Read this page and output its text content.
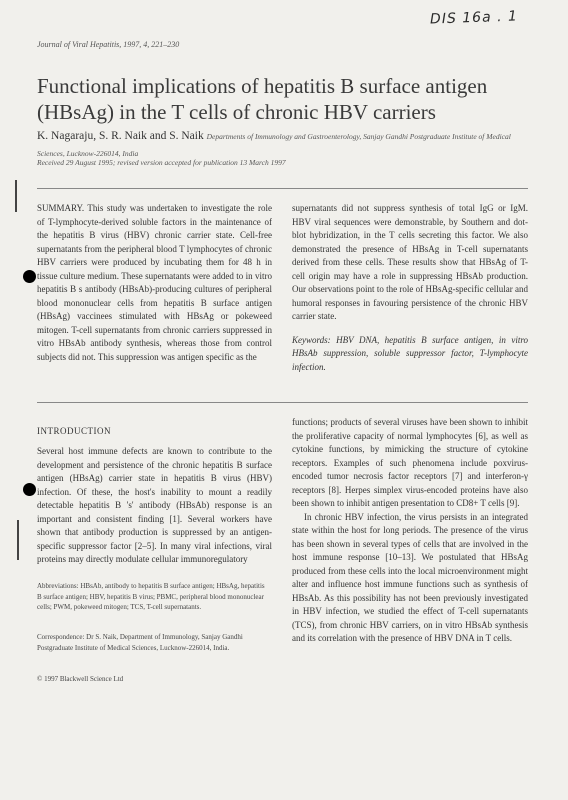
DIS 16a . 1
Journal of Viral Hepatitis, 1997, 4, 221–230
Functional implications of hepatitis B surface antigen (HBsAg) in the T cells of chronic HBV carriers
K. Nagaraju, S. R. Naik and S. Naik Departments of Immunology and Gastroenterology, Sanjay Gandhi Postgraduate Institute of Medical Sciences, Lucknow-226014, India
Received 29 August 1995; revised version accepted for publication 13 March 1997

SUMMARY. This study was undertaken to investigate the role of T-lymphocyte-derived soluble factors in the maintenance of the hepatitis B virus (HBV) chronic carrier state. Cell-free supernatants from the peripheral blood T lymphocytes of chronic HBV carriers were produced by incubating them for 48 h in tissue culture medium. These supernatants were added to in vitro hepatitis B s antibody (HBsAb)-producing cultures of peripheral blood mononuclear cells from hepatitis B surface antigen (HBsAg) vaccinees stimulated with HBsAg or pokeweed mitogen. T-cell supernatants from chronic carriers suppressed in vitro HBsAb antibody synthesis, whereas those from control subjects did not. This suppression was antigen specific as the

supernatants did not suppress synthesis of total IgG or IgM. HBV viral sequences were demonstrable, by Southern and dot-blot hybridization, in the T cells secreting this factor. We also demonstrated the presence of HBsAg in T-cell supernatants derived from these cells. These results show that HBsAg of T-cell origin may have a role in suppressing HBsAb production. Our observations point to the role of HBsAg-specific cellular and humoral responses in favouring persistence of the chronic HBV carrier state.

Keywords: HBV DNA, hepatitis B surface antigen, in vitro HBsAb suppression, soluble suppressor factor, T-lymphocyte infection.

INTRODUCTION

Several host immune defects are known to contribute to the development and persistence of the chronic hepatitis B surface antigen (HBsAg) carrier state in hepatitis B virus (HBV) infection. Of these, the host's inability to mount a readily detectable hepatitis B 's' antibody (HBsAb) response is an important and consistent finding [1]. Several workers have shown that antibody production is suppressed by an antigen-specific suppressor factor [2–5]. In many viral infections, viral proteins may directly modulate cellular immunoregulatory

Abbreviations: HBsAb, antibody to hepatitis B surface antigen; HBsAg, hepatitis B surface antigen; HBV, hepatitis B virus; PBMC, peripheral blood mononuclear cells; PWM, pokeweed mitogen; TCS, T-cell supernatants.
Correspondence: Dr S. Naik, Department of Immunology, Sanjay Gandhi Postgraduate Institute of Medical Sciences, Lucknow-226014, India.
© 1997 Blackwell Science Ltd

functions; products of several viruses have been shown to inhibit the proliferative capacity of normal lymphocytes [6], as well as cytokine functions, by mimicking the structure of cytokine receptors. Examples of such phenomena include poxvirus-encoded tumor necrosis factor receptors [7] and interferon-γ receptors [8]. Herpes simplex virus-encoded proteins have also been shown to inhibit antigen presentation to CD8+ T cells [9].

In chronic HBV infection, the virus persists in an integrated state within the host for long periods. The presence of the virus has been shown in several types of cells that are involved in the host immune response [10–13]. We postulated that HBsAg produced from these cells into the local microenvironment might alter and influence host immune functions such as synthesis of HBsAb. As this possibility has not been previously investigated in HBV infection, we studied the effect of T-cell supernatants (TCS), from chronic HBV carriers, on in vitro HBsAb synthesis and its correlation with the presence of HBV DNA in T cells.
